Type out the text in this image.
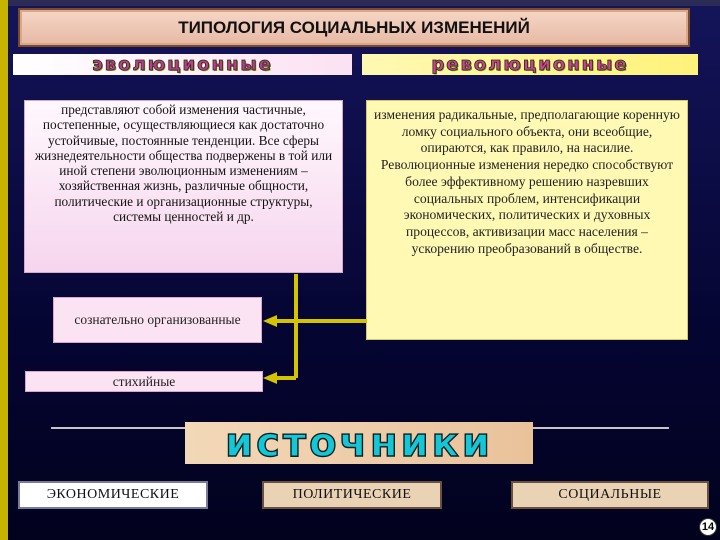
ТИПОЛОГИЯ СОЦИАЛЬНЫХ ИЗМЕНЕНИЙ
эволюционные	революционные
представляют собой изменения частичные, постепенные, осуществляющиеся как достаточно устойчивые, постоянные тенденции. Все сферы жизнедеятельности общества подвержены в той или иной степени эволюционным изменениям – хозяйственная жизнь, различные общности, политические и организационные структуры, системы ценностей и др.
изменения радикальные, предполагающие коренную ломку социального объекта, они всеобщие, опираются, как правило, на насилие. Революционные изменения нередко способствуют более эффективному решению назревших социальных проблем, интенсификации экономических, политических и духовных процессов, активизации масс населения – ускорению преобразований в обществе.
сознательно организованные
стихийные
источники
ЭКОНОМИЧЕСКИЕ	ПОЛИТИЧЕСКИЕ	СОЦИАЛЬНЫЕ
14
